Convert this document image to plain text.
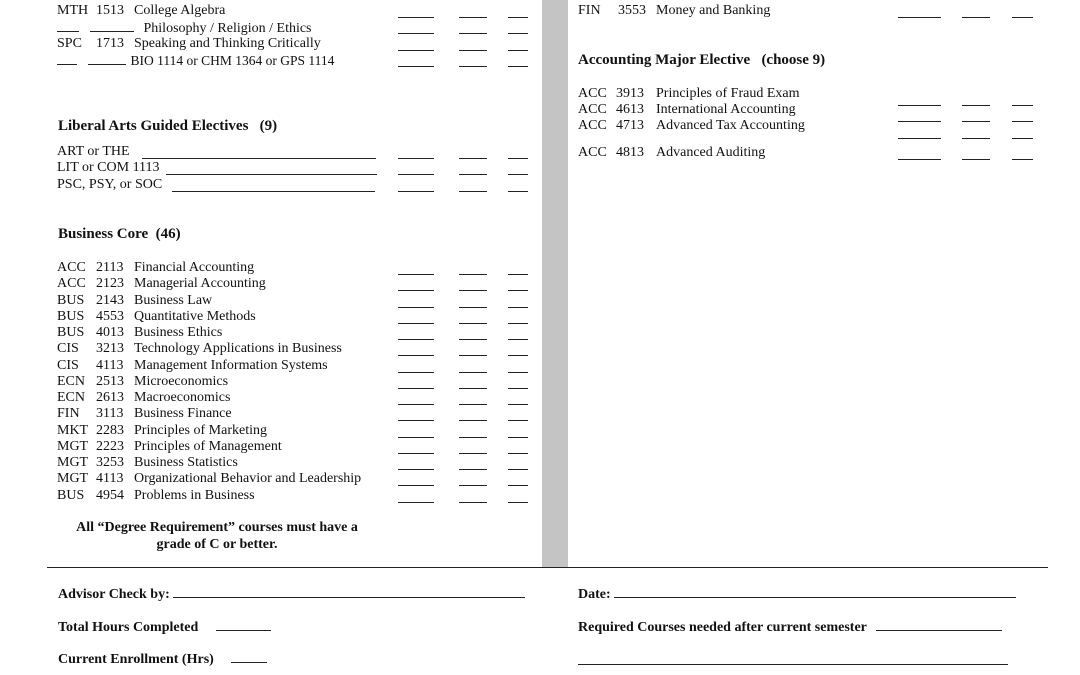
MTH 1513 College Algebra
Philosophy / Religion / Ethics
SPC 1713 Speaking and Thinking Critically
BIO 1114 or CHM 1364 or GPS 1114
Liberal Arts Guided Electives (9)
ART or THE
LIT or COM 1113
PSC, PSY, or SOC
Business Core (46)
ACC 2113 Financial Accounting
ACC 2123 Managerial Accounting
BUS 2143 Business Law
BUS 4553 Quantitative Methods
BUS 4013 Business Ethics
CIS 3213 Technology Applications in Business
CIS 4113 Management Information Systems
ECN 2513 Microeconomics
ECN 2613 Macroeconomics
FIN 3113 Business Finance
MKT 2283 Principles of Marketing
MGT 2223 Principles of Management
MGT 3253 Business Statistics
MGT 4113 Organizational Behavior and Leadership
BUS 4954 Problems in Business
All “Degree Requirement” courses must have a
grade of C or better.
FIN 3553 Money and Banking
Accounting Major Elective (choose 9)
ACC 3913 Principles of Fraud Exam
ACC 4613 International Accounting
ACC 4713 Advanced Tax Accounting
ACC 4813 Advanced Auditing
Advisor Check by:	Date:
Total Hours Completed	Required Courses needed after current semester
Current Enrollment (Hrs)
